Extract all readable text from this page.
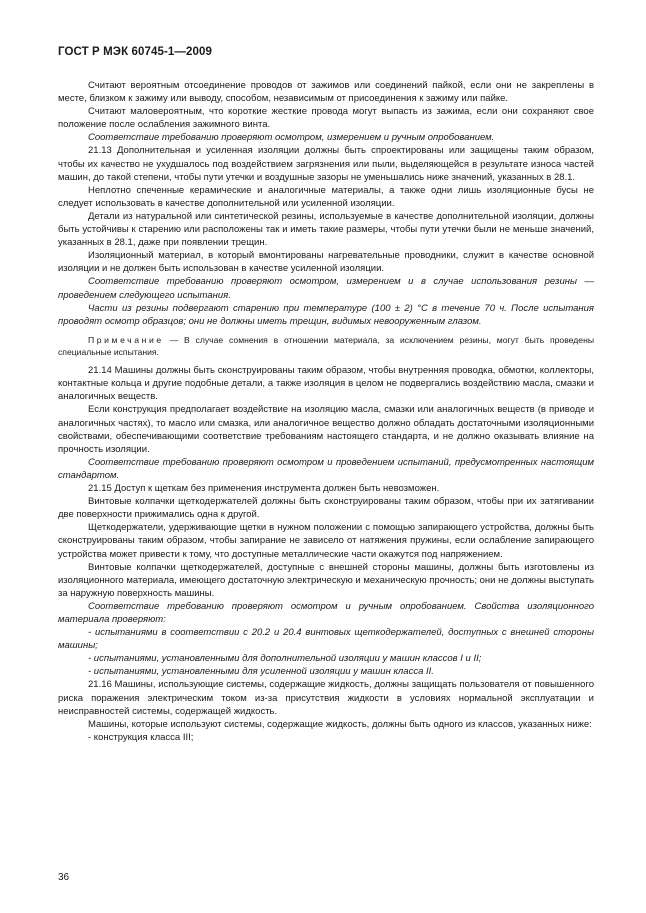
ГОСТ Р МЭК 60745-1—2009

Считают вероятным отсоединение проводов от зажимов или соединений пайкой, если они не закреплены в месте, близком к зажиму или выводу, способом, независимым от присоединения к зажиму или пайке.

Считают маловероятным, что короткие жесткие провода могут выпасть из зажима, если они сохраняют свое положение после ослабления зажимного винта.

Соответствие требованию проверяют осмотром, измерением и ручным опробованием.

21.13 Дополнительная и усиленная изоляции должны быть спроектированы или защищены таким образом, чтобы их качество не ухудшалось под воздействием загрязнения или пыли, выделяющейся в результате износа частей машин, до такой степени, чтобы пути утечки и воздушные зазоры не уменьшались ниже значений, указанных в 28.1.

Неплотно спеченные керамические и аналогичные материалы, а также одни лишь изоляционные бусы не следует использовать в качестве дополнительной или усиленной изоляции.

Детали из натуральной или синтетической резины, используемые в качестве дополнительной изоляции, должны быть устойчивы к старению или расположены так и иметь такие размеры, чтобы пути утечки были не меньше значений, указанных в 28.1, даже при появлении трещин.

Изоляционный материал, в который вмонтированы нагревательные проводники, служит в качестве основной изоляции и не должен быть использован в качестве усиленной изоляции.

Соответствие требованию проверяют осмотром, измерением и в случае использования резины — проведением следующего испытания.

Части из резины подвергают старению при температуре (100 ± 2) °С в течение 70 ч. После испытания проводят осмотр образцов; они не должны иметь трещин, видимых невооруженным глазом.

Примечание — В случае сомнения в отношении материала, за исключением резины, могут быть проведены специальные испытания.

21.14 Машины должны быть сконструированы таким образом, чтобы внутренняя проводка, обмотки, коллекторы, контактные кольца и другие подобные детали, а также изоляция в целом не подвергались воздействию масла, смазки и аналогичных веществ.

Если конструкция предполагает воздействие на изоляцию масла, смазки или аналогичных веществ (в приводе и аналогичных частях), то масло или смазка, или аналогичное вещество должно обладать достаточными изоляционными свойствами, обеспечивающими соответствие требованиям настоящего стандарта, и не должно оказывать влияние на прочность изоляции.

Соответствие требованию проверяют осмотром и проведением испытаний, предусмотренных настоящим стандартом.

21.15 Доступ к щеткам без применения инструмента должен быть невозможен.

Винтовые колпачки щеткодержателей должны быть сконструированы таким образом, чтобы при их затягивании две поверхности прижимались одна к другой.

Щеткодержатели, удерживающие щетки в нужном положении с помощью запирающего устройства, должны быть сконструированы таким образом, чтобы запирание не зависело от натяжения пружины, если ослабление запирающего устройства может привести к тому, что доступные металлические части окажутся под напряжением.

Винтовые колпачки щеткодержателей, доступные с внешней стороны машины, должны быть изготовлены из изоляционного материала, имеющего достаточную электрическую и механическую прочность; они не должны выступать за наружную поверхность машины.

Соответствие требованию проверяют осмотром и ручным опробованием. Свойства изоляционного материала проверяют:

- испытаниями в соответствии с 20.2 и 20.4 винтовых щеткодержателей, доступных с внешней стороны машины;

- испытаниями, установленными для дополнительной изоляции у машин классов I и II;

- испытаниями, установленными для усиленной изоляции у машин класса II.

21.16 Машины, использующие системы, содержащие жидкость, должны защищать пользователя от повышенного риска поражения электрическим током из-за присутствия жидкости в условиях нормальной эксплуатации и неисправностей системы, содержащей жидкость.

Машины, которые используют системы, содержащие жидкость, должны быть одного из классов, указанных ниже:

- конструкция класса III;

36
